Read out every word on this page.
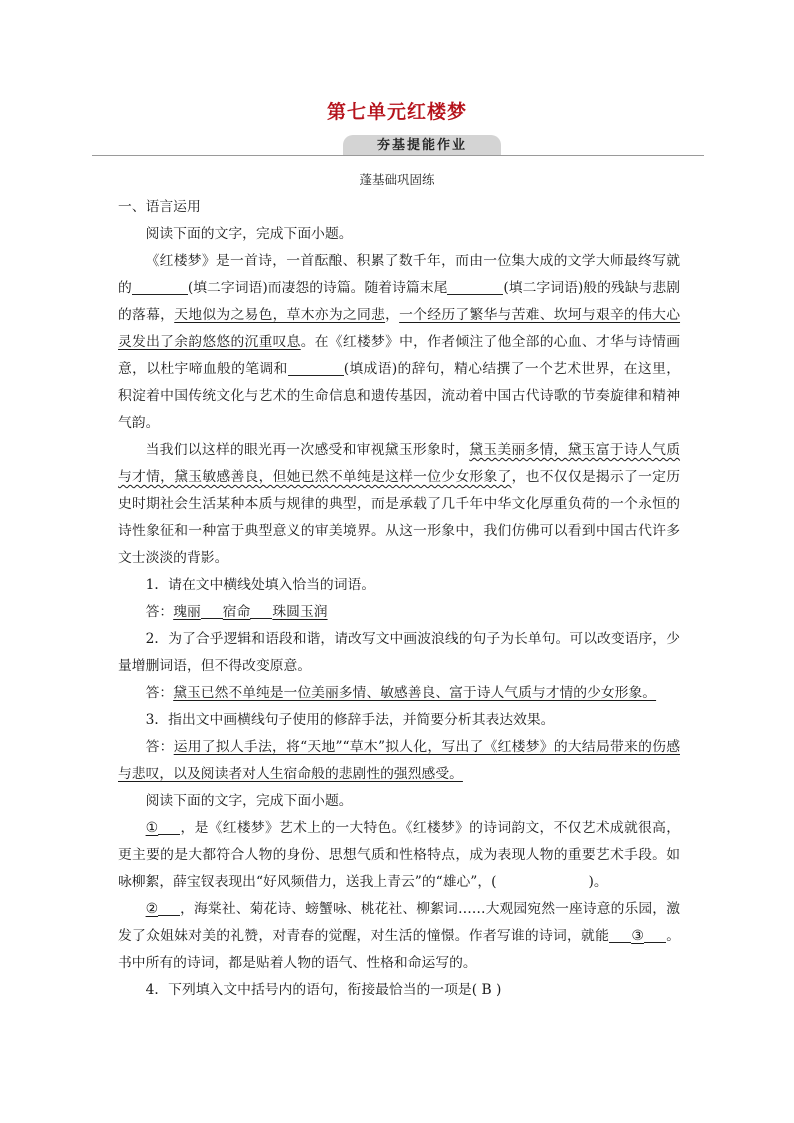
第七单元红楼梦
夯基提能作业
蓬基础巩固练

一、语言运用

阅读下面的文字，完成下面小题。

《红楼梦》是一首诗，一首酝酿、积累了数千年，而由一位集大成的文学大师最终写就的	(填二字词语)而凄怨的诗篇。随着诗篇末尾	(填二字词语)般的残缺与悲剧的落幕，天地似为之易色，草木亦为之同悲，一个经历了繁华与苦难、坎坷与艰辛的伟大心灵发出了余韵悠悠的沉重叹息。在《红楼梦》中，作者倾注了他全部的心血、才华与诗情画意，以杜宇啼血般的笔调和	(填成语)的辞句，精心结撰了一个艺术世界，在这里，积淀着中国传统文化与艺术的生命信息和遗传基因，流动着中国古代诗歌的节奏旋律和精神气韵。

当我们以这样的眼光再一次感受和审视黛玉形象时，黛玉美丽多情，黛玉富于诗人气质与才情，黛玉敏感善良，但她已然不单纯是这样一位少女形象了，也不仅仅是揭示了一定历史时期社会生活某种本质与规律的典型，而是承载了几千年中华文化厚重负荷的一个永恒的诗性象征和一种富于典型意义的审美境界。从这一形象中，我们仿佛可以看到中国古代许多文士淡淡的背影。

1．请在文中横线处填入恰当的词语。

答：瑰丽 宿命 珠圆玉润

2．为了合乎逻辑和语段和谐，请改写文中画波浪线的句子为长单句。可以改变语序，少量增删词语，但不得改变原意。

答：黛玉已然不单纯是一位美丽多情、敏感善良、富于诗人气质与才情的少女形象。

3．指出文中画横线句子使用的修辞手法，并简要分析其表达效果。

答：运用了拟人手法，将“天地”“草木”拟人化，写出了《红楼梦》的大结局带来的伤感与悲叹，以及阅读者对人生宿命般的悲剧性的强烈感受。

阅读下面的文字，完成下面小题。

① ，是《红楼梦》艺术上的一大特色。《红楼梦》的诗词韵文，不仅艺术成就很高，更主要的是大都符合人物的身份、思想气质和性格特点，成为表现人物的重要艺术手段。如咏柳絮，薛宝钗表现出“好风频借力，送我上青云”的“雄心”，(	)。

② ，海棠社、菊花诗、螃蟹咏、桃花社、柳絮词……大观园宛然一座诗意的乐园，激发了众姐妹对美的礼赞，对青春的觉醒，对生活的憧憬。作者写谁的诗词，就能 ③ 。书中所有的诗词，都是贴着人物的语气、性格和命运写的。

4．下列填入文中括号内的语句，衔接最恰当的一项是( B )
